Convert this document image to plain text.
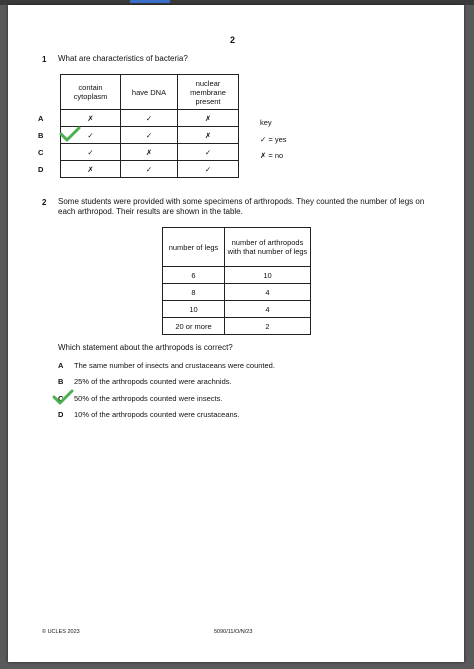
2
1 What are characteristics of bacteria?
	contain cytoplasm	have DNA	nuclear membrane present
A	✗	✓	✗
B	✓	✓	✗
C	✓	✗	✓
D	✗	✓	✓
key
✓ = yes
✗ = no
2 Some students were provided with some specimens of arthropods. They counted the number of legs on each arthropod. Their results are shown in the table.
number of legs	number of arthropods with that number of legs
6	10
8	4
10	4
20 or more	2
Which statement about the arthropods is correct?
A The same number of insects and crustaceans were counted.
B 25% of the arthropods counted were arachnids.
C 50% of the arthropods counted were insects.
D 10% of the arthropods counted were crustaceans.
© UCLES 2023	5090/11/O/N/23
